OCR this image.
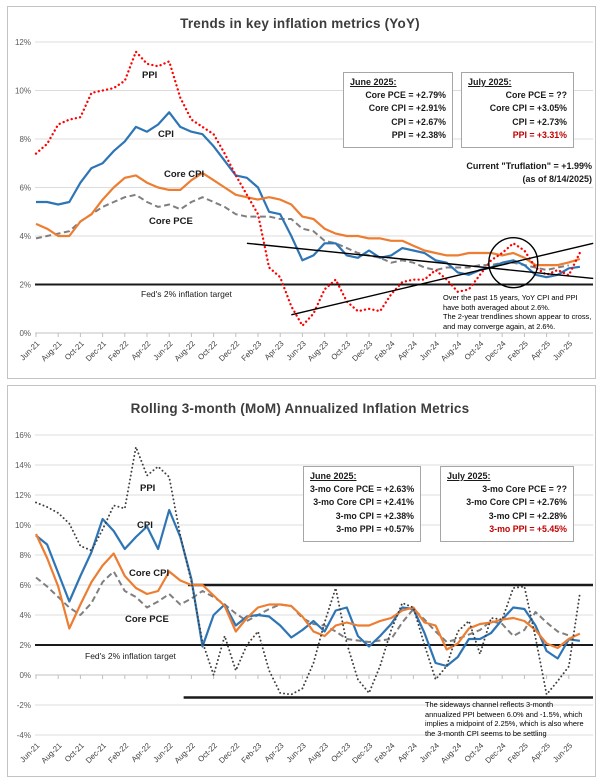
12%
10%
8%
6%
4%
2%
0%
Jun-21
Aug-21 Oct-21
Dec-21
Feb-22 Apr-22
Jun-22
Aug-22 Oct-22
Dec-22
Feb-23 Apr-23
Jun-23
Aug-23 Oct-23
Dec-23
Feb-24 Apr-24
Jun-24
Aug-24 Oct-24
Dec-24
Feb-25 Apr-25
Jun-25
Fed's 2% inflation target
CPI
Core CPI
Core PCE
PPI
16%
14%
12%
10%
8%
6%
4%
2%
0%
-2%
-4%
Jun-21
Aug-21 Oct-21
Dec-21
Feb-22 Apr-22
Jun-22
Aug-22 Oct-22
Dec-22
Feb-23 Apr-23
Jun-23
Aug-23 Oct-23
Dec-23
Feb-24 Apr-24
Jun-24
Aug-24 Oct-24
Dec-24
Feb-25 Apr-25
Jun-25
Fed's 2% inflation target
CPI
Core CPI
Core PCE
PPI
Trends in key inflation metrics (YoY)
Rolling 3-month (MoM) Annualized Inflation Metrics
June 2025:
Core PCE = +2.79%
Core CPI = +2.91%
CPI = +2.67%
PPI = +2.38%
July 2025:
Core PCE = ??
Core CPI = +3.05%
CPI = +2.73%
PPI = +3.31%
June 2025:
3-mo Core PCE = +2.63%
3-mo Core CPI = +2.41%
3-mo CPI = +2.38%
3-mo PPI = +0.57%
July 2025:
3-mo Core PCE = ??
3-mo Core CPI = +2.76%
3-mo CPI = +2.28%
3-mo PPI = +5.45%
Current "Truflation" = +1.99%
(as of 8/14/2025)
Over the past 15 years, YoY CPI and PPI
have both averaged about 2.6%.
The 2-year trendlines shown appear to cross,
and may converge again, at 2.6%.
The sideways channel reflects 3-month
annualized PPI between 6.0% and -1.5%, which
implies a midpoint of 2.25%, which is also where
the 3-month CPI seems to be settling
